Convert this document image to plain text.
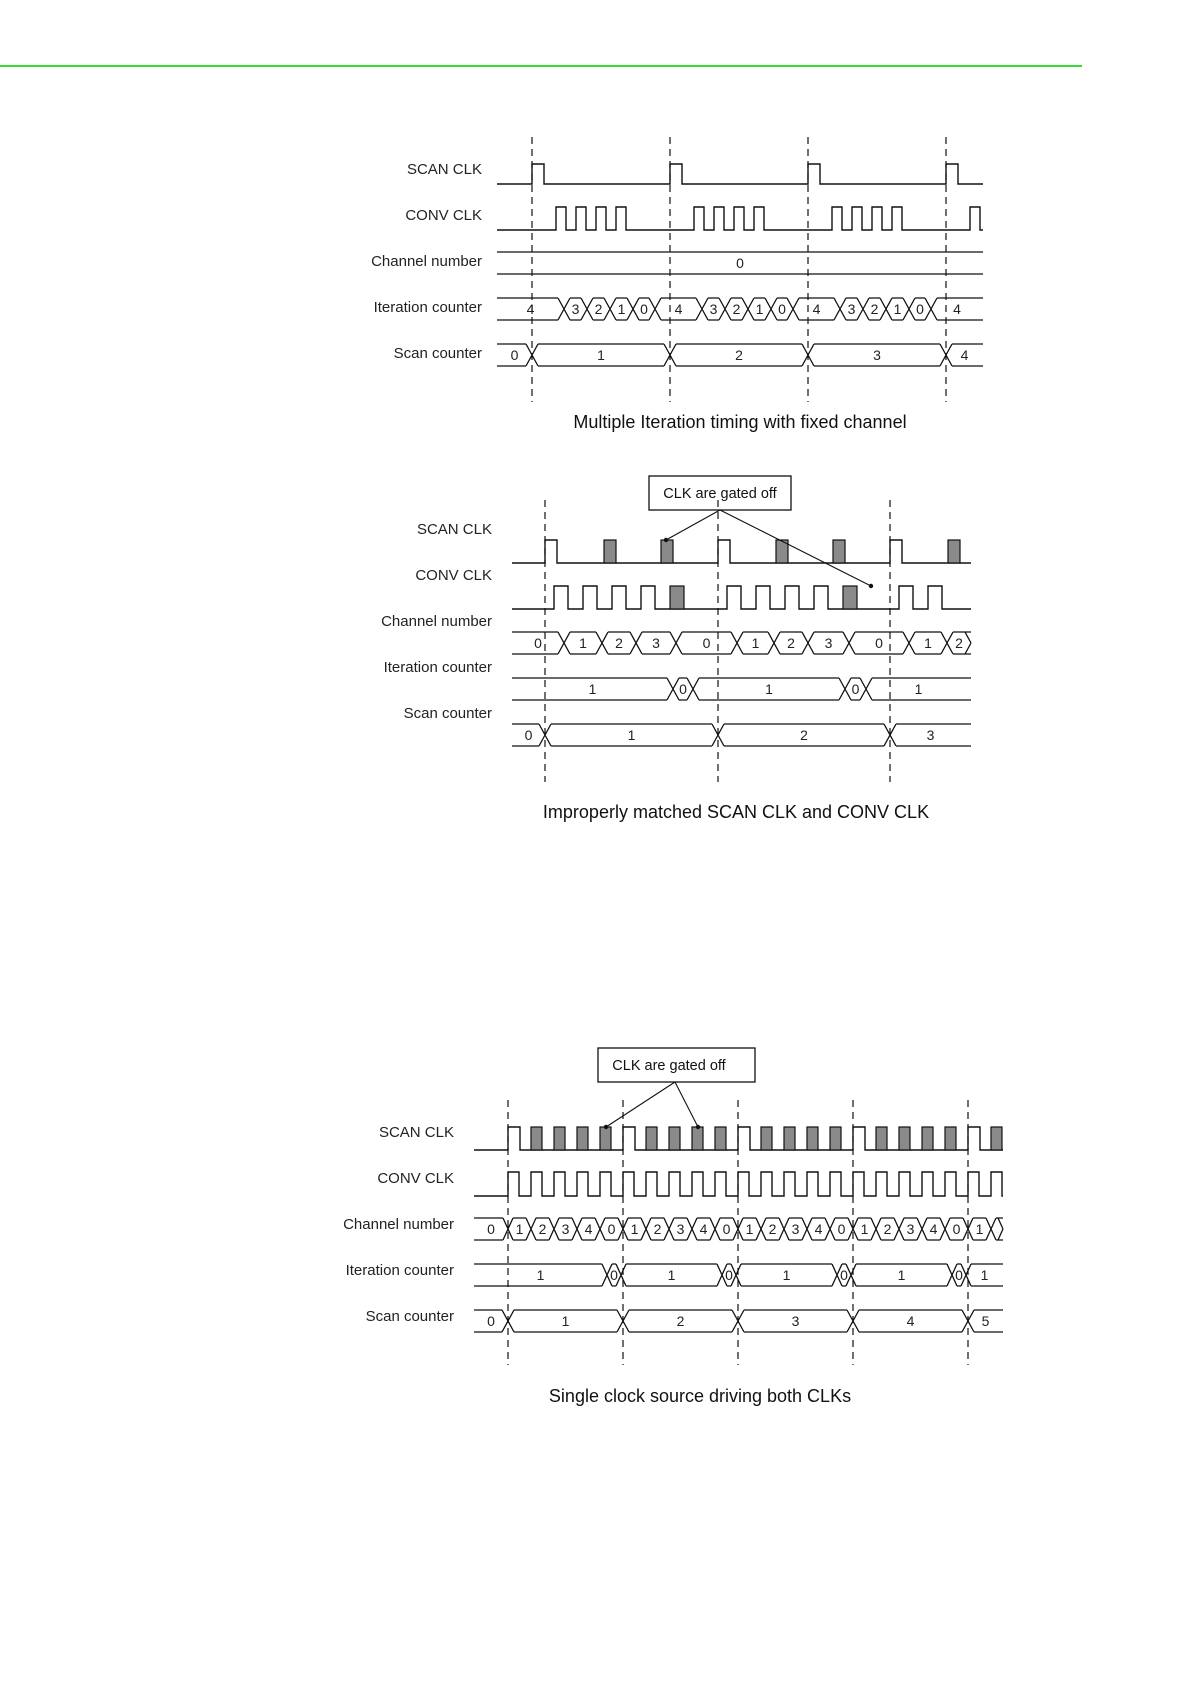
SCAN CLK
CONV CLK
Channel number
Iteration counter
Scan counter
0
4	3 2 1 0 4 3 2 1 0 4 3 2 1 0 4
0	1	2	3	4
Multiple Iteration timing with fixed channel
CLK are gated off
SCAN CLK
CONV CLK
Channel number
Iteration counter
Scan counter
0	1 2 3	0	1 2 3	0	1 2
1	0	1	0	1
0	1	2	3
Improperly matched SCAN CLK and CONV CLK
CLK are gated off
SCAN CLK
CONV CLK
Channel number
Iteration counter
Scan counter
0 1 2 3 4 0 1 2 3 4 0 1 2 3 4 0 1 2 3 4 0 1
1	0	1	0	1	0	1	0 1
0	1	2	3	4	5
Single clock source driving both CLKs
